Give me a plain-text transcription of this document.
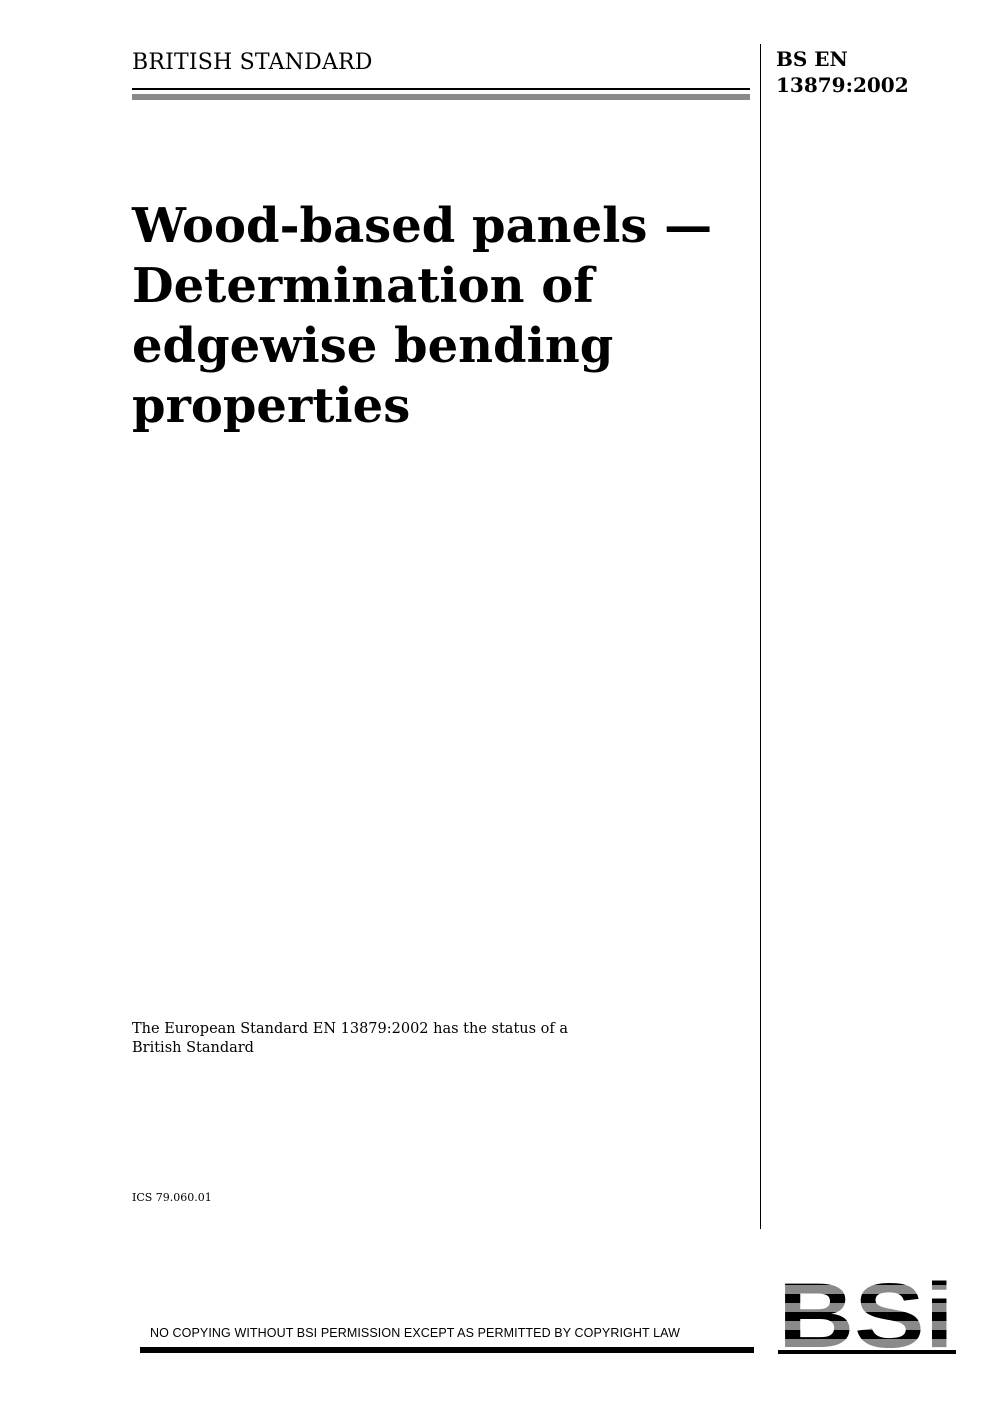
BRITISH STANDARD	BS EN
13879:2002
Wood-based panels —
Determination of
edgewise bending
properties
The European Standard EN 13879:2002 has the status of a
British Standard
ICS 79.060.01
NO COPYING WITHOUT BSI PERMISSION EXCEPT AS PERMITTED BY COPYRIGHT LAW
